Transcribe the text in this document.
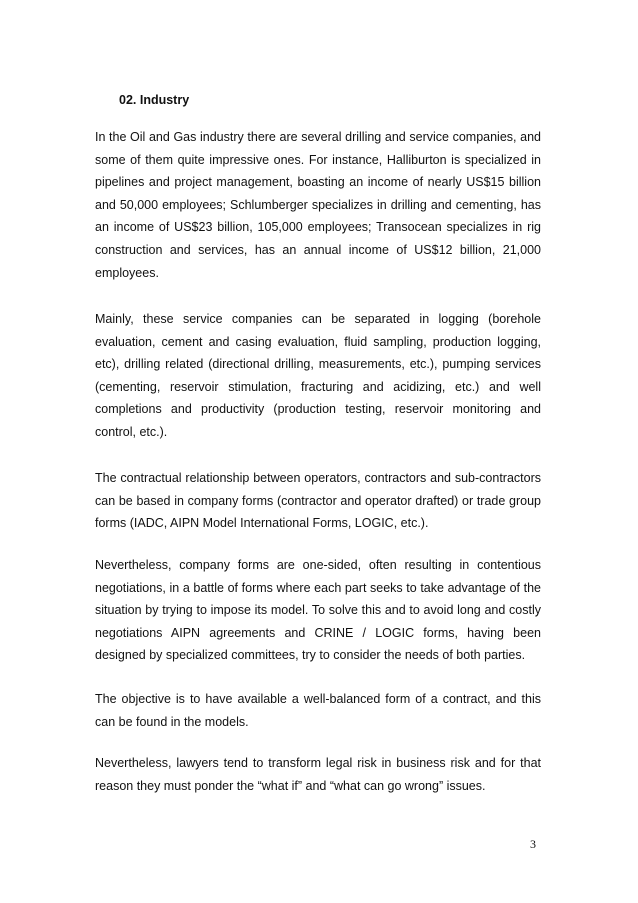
02. Industry

In the Oil and Gas industry there are several drilling and service companies, and some of them quite impressive ones. For instance, Halliburton is specialized in pipelines and project management, boasting an income of nearly US$15 billion and 50,000 employees; Schlumberger specializes in drilling and cementing, has an income of US$23 billion, 105,000 employees; Transocean specializes in rig construction and services, has an annual income of US$12 billion, 21,000 employees.

Mainly, these service companies can be separated in logging (borehole evaluation, cement and casing evaluation, fluid sampling, production logging, etc), drilling related (directional drilling, measurements, etc.), pumping services (cementing, reservoir stimulation, fracturing and acidizing, etc.) and well completions and productivity (production testing, reservoir monitoring and control, etc.).

The contractual relationship between operators, contractors and sub-contractors can be based in company forms (contractor and operator drafted) or trade group forms (IADC, AIPN Model International Forms, LOGIC, etc.).

Nevertheless, company forms are one-sided, often resulting in contentious negotiations, in a battle of forms where each part seeks to take advantage of the situation by trying to impose its model. To solve this and to avoid long and costly negotiations AIPN agreements and CRINE / LOGIC forms, having been designed by specialized committees, try to consider the needs of both parties.

The objective is to have available a well-balanced form of a contract, and this can be found in the models.

Nevertheless, lawyers tend to transform legal risk in business risk and for that reason they must ponder the “what if” and “what can go wrong” issues.

3
